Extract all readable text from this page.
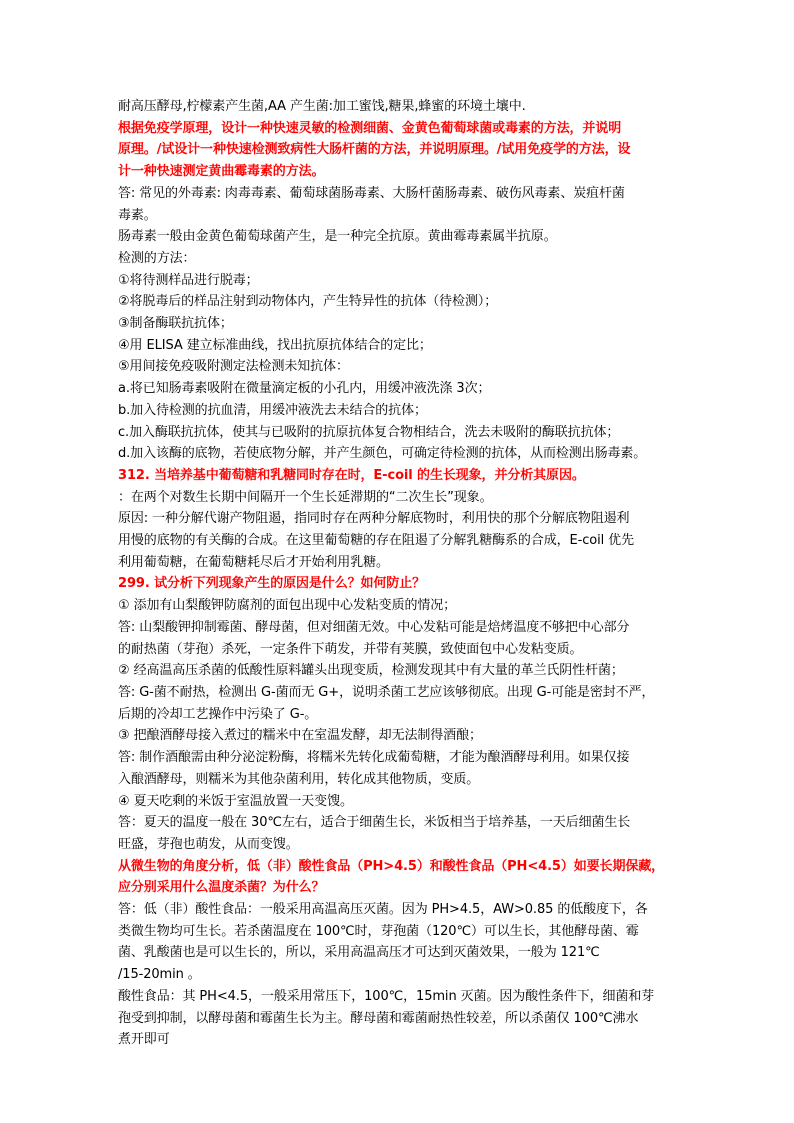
耐高压酵母,柠檬素产生菌,AA 产生菌:加工蜜饯,糖果,蜂蜜的环境土壤中.
根据免疫学原理，设计一种快速灵敏的检测细菌、金黄色葡萄球菌或毒素的方法，并说明
原理。/试设计一种快速检测致病性大肠杆菌的方法，并说明原理。/试用免疫学的方法，设
计一种快速测定黄曲霉毒素的方法。
答: 常见的外毒素: 肉毒毒素、葡萄球菌肠毒素、大肠杆菌肠毒素、破伤风毒素、炭疽杆菌
毒素。
肠毒素一般由金黄色葡萄球菌产生，是一种完全抗原。黄曲霉毒素属半抗原。
检测的方法：
①将待测样品进行脱毒；
②将脱毒后的样品注射到动物体内，产生特异性的抗体（待检测）；
③制备酶联抗抗体；
④用 ELISA 建立标准曲线，找出抗原抗体结合的定比；
⑤用间接免疫吸附测定法检测未知抗体：
a.将已知肠毒素吸附在微量滴定板的小孔内，用缓冲液洗涤 3次；
b.加入待检测的抗血清，用缓冲液洗去未结合的抗体；
c.加入酶联抗抗体，使其与已吸附的抗原抗体复合物相结合，洗去未吸附的酶联抗抗体；
d.加入该酶的底物，若使底物分解，并产生颜色，可确定待检测的抗体，从而检测出肠毒素。
312. 当培养基中葡萄糖和乳糖同时存在时，E-coil 的生长现象，并分析其原因。
：在两个对数生长期中间隔开一个生长延滞期的“二次生长”现象。
原因: 一种分解代谢产物阻遏，指同时存在两种分解底物时，利用快的那个分解底物阻遏利
用慢的底物的有关酶的合成。在这里葡萄糖的存在阻遏了分解乳糖酶系的合成，E-coil 优先
利用葡萄糖，在葡萄糖耗尽后才开始利用乳糖。
299. 试分析下列现象产生的原因是什么？如何防止？
① 添加有山梨酸钾防腐剂的面包出现中心发粘变质的情况；
答: 山梨酸钾抑制霉菌、酵母菌，但对细菌无效。中心发粘可能是焙烤温度不够把中心部分
的耐热菌（芽孢）杀死，一定条件下萌发，并带有荚膜，致使面包中心发粘变质。
② 经高温高压杀菌的低酸性原料罐头出现变质，检测发现其中有大量的革兰氏阴性杆菌；
答: G-菌不耐热，检测出 G-菌而无 G+，说明杀菌工艺应该够彻底。出现 G-可能是密封不严，
后期的冷却工艺操作中污染了 G-。
③ 把酿酒酵母接入煮过的糯米中在室温发酵，却无法制得酒酿；
答: 制作酒酿需由种分泌淀粉酶，将糯米先转化成葡萄糖，才能为酿酒酵母利用。如果仅接
入酿酒酵母，则糯米为其他杂菌利用，转化成其他物质，变质。
④ 夏天吃剩的米饭于室温放置一天变馊。
答：夏天的温度一般在 30℃左右，适合于细菌生长，米饭相当于培养基，一天后细菌生长
旺盛，芽孢也萌发，从而变馊。
从微生物的角度分析，低（非）酸性食品（PH>4.5）和酸性食品（PH<4.5）如要长期保藏，
应分别采用什么温度杀菌？为什么？
答：低（非）酸性食品：一般采用高温高压灭菌。因为 PH>4.5，AW>0.85 的低酸度下，各
类微生物均可生长。若杀菌温度在 100℃时，芽孢菌（120℃）可以生长，其他酵母菌、霉
菌、乳酸菌也是可以生长的，所以，采用高温高压才可达到灭菌效果，一般为 121℃
/15-20min 。
酸性食品：其 PH<4.5，一般采用常压下，100℃，15min 灭菌。因为酸性条件下，细菌和芽
孢受到抑制，以酵母菌和霉菌生长为主。酵母菌和霉菌耐热性较差，所以杀菌仅 100℃沸水
煮开即可
